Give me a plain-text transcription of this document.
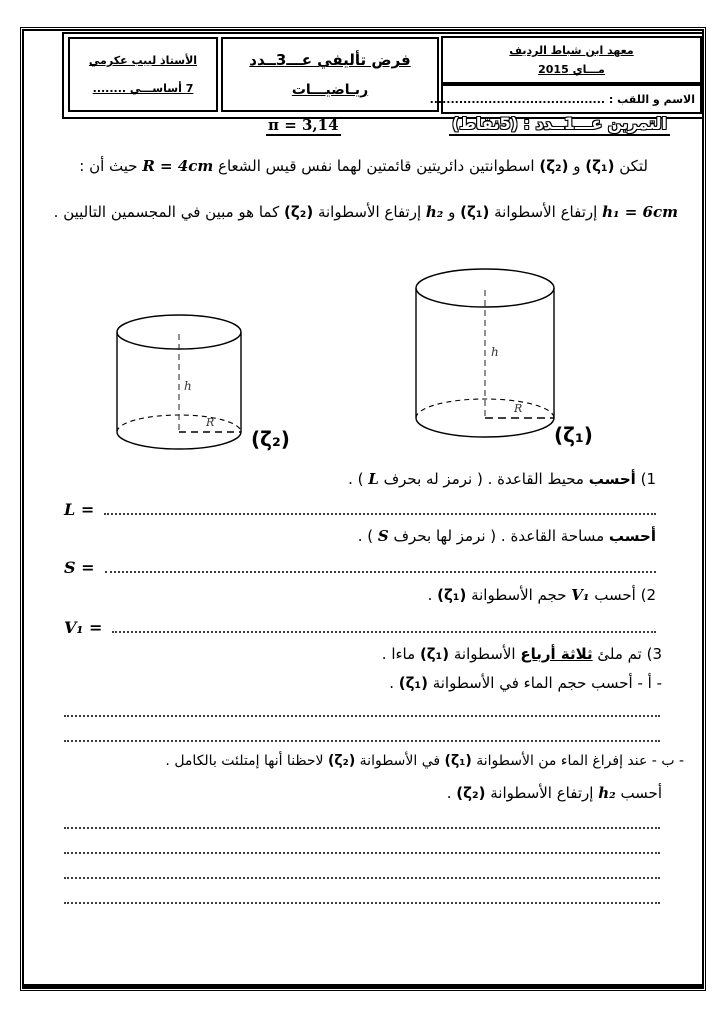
الأستاذ لبيب عكرمي
7 أساســـي ........
فرض تأليفي عـــ3ــدد
ريـاضيـــات
معهد ابن شباط الرديف
مـــاي 2015
الاسم و اللقب : ..........................................
التمرين عـــ1ــدد : (5نقاط)
π = 3,14
لتكن (ζ₁) و (ζ₂) اسطوانتين دائريتين قائمتين لهما نفس قيس الشعاع R = 4cm حيث أن :
h₁ = 6cm إرتفاع الأسطوانة (ζ₁) و h₂ إرتفاع الأسطوانة (ζ₂) كما هو مبين في المجسمين التاليين .
h
R
(ζ₁)
h
R
(ζ₂)
1) أحسب محيط القاعدة . ( نرمز له بحرف L ) .
L =
أحسب مساحة القاعدة . ( نرمز لها بحرف S ) .
S =
2) أحسب V₁ حجم الأسطوانة (ζ₁) .
V₁ =
3) تم ملئ ثلاثة أرباع الأسطوانة (ζ₁) ماءا .
- أ - أحسب حجم الماء في الأسطوانة (ζ₁) .
- ب - عند إفراغ الماء من الأسطوانة (ζ₁) في الأسطوانة (ζ₂) لاحظنا أنها إمتلئت بالكامل .
أحسب h₂ إرتفاع الأسطوانة (ζ₂) .
